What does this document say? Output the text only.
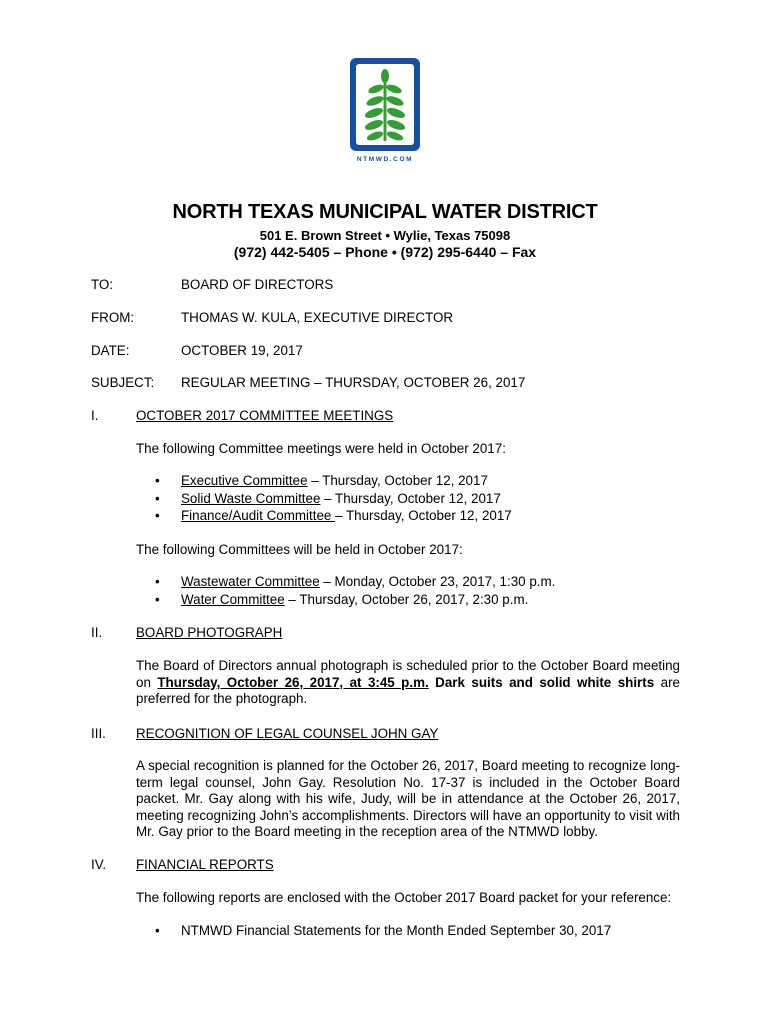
NTMWD.COM
NORTH TEXAS MUNICIPAL WATER DISTRICT
501 E. Brown Street • Wylie, Texas 75098
(972) 442-5405 – Phone • (972) 295-6440 – Fax
TO:	BOARD OF DIRECTORS
FROM:	THOMAS W. KULA, EXECUTIVE DIRECTOR
DATE:	OCTOBER 19, 2017
SUBJECT: REGULAR MEETING – THURSDAY, OCTOBER 26, 2017
I.	OCTOBER 2017 COMMITTEE MEETINGS
The following Committee meetings were held in October 2017:
• Executive Committee – Thursday, October 12, 2017
• Solid Waste Committee – Thursday, October 12, 2017
• Finance/Audit Committee – Thursday, October 12, 2017
The following Committees will be held in October 2017:
• Wastewater Committee – Monday, October 23, 2017, 1:30 p.m.
• Water Committee – Thursday, October 26, 2017, 2:30 p.m.
II.	BOARD PHOTOGRAPH
The Board of Directors annual photograph is scheduled prior to the October Board meeting on Thursday, October 26, 2017, at 3:45 p.m. Dark suits and solid white shirts are preferred for the photograph.
III. RECOGNITION OF LEGAL COUNSEL JOHN GAY
A special recognition is planned for the October 26, 2017, Board meeting to recognize long-term legal counsel, John Gay. Resolution No. 17-37 is included in the October Board packet. Mr. Gay along with his wife, Judy, will be in attendance at the October 26, 2017, meeting recognizing John’s accomplishments. Directors will have an opportunity to visit with Mr. Gay prior to the Board meeting in the reception area of the NTMWD lobby.
IV. FINANCIAL REPORTS
The following reports are enclosed with the October 2017 Board packet for your reference:
• NTMWD Financial Statements for the Month Ended September 30, 2017
